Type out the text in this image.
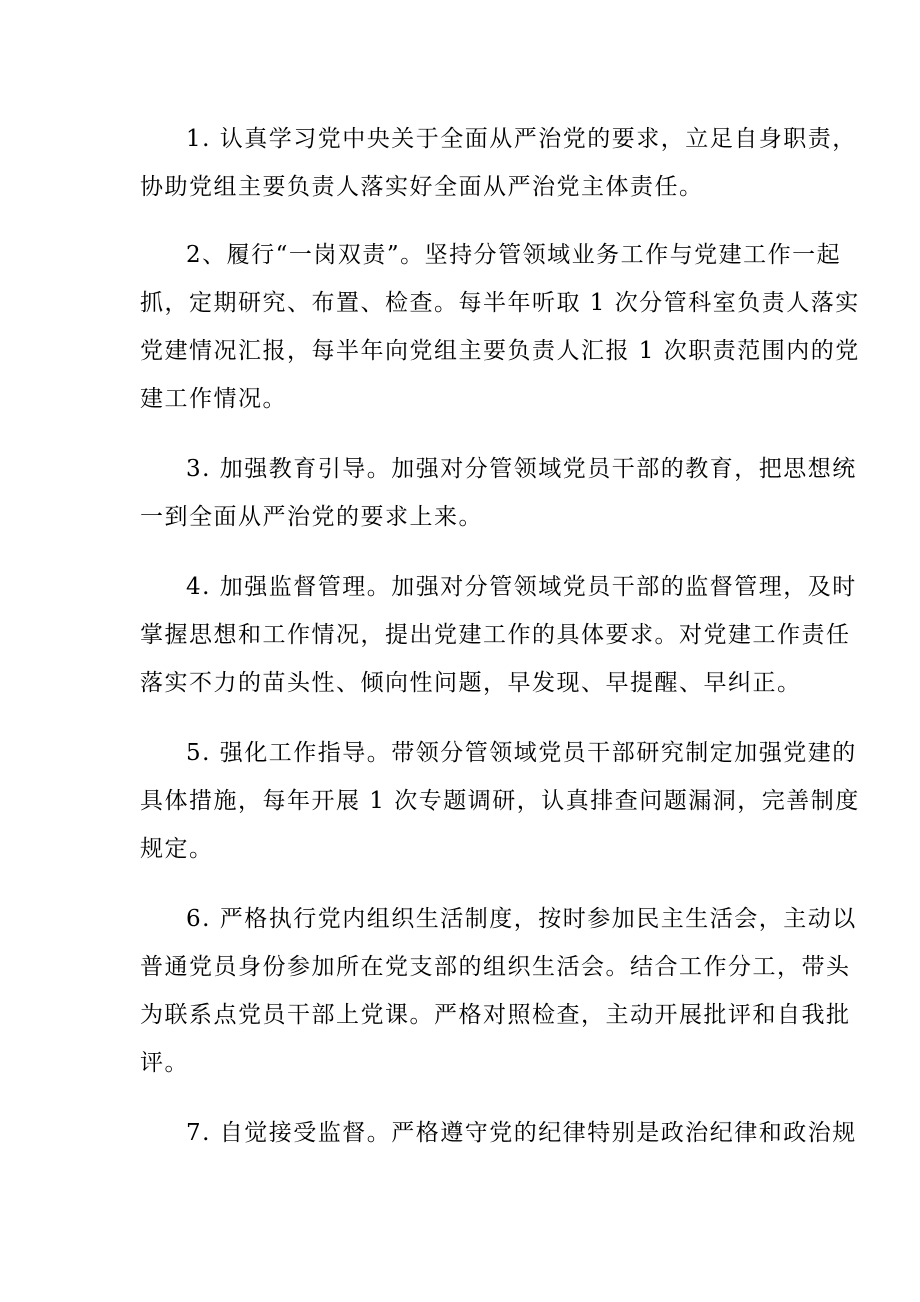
1. 认真学习党中央关于全面从严治党的要求，立足自身职责，
协助党组主要负责人落实好全面从严治党主体责任。
2、履行“一岗双责”。坚持分管领域业务工作与党建工作一起
抓，定期研究、布置、检查。每半年听取 1 次分管科室负责人落实
党建情况汇报，每半年向党组主要负责人汇报 1 次职责范围内的党
建工作情况。
3. 加强教育引导。加强对分管领域党员干部的教育，把思想统
一到全面从严治党的要求上来。
4. 加强监督管理。加强对分管领域党员干部的监督管理，及时
掌握思想和工作情况，提出党建工作的具体要求。对党建工作责任
落实不力的苗头性、倾向性问题，早发现、早提醒、早纠正。
5. 强化工作指导。带领分管领域党员干部研究制定加强党建的
具体措施，每年开展 1 次专题调研，认真排查问题漏洞，完善制度
规定。
6. 严格执行党内组织生活制度，按时参加民主生活会，主动以
普通党员身份参加所在党支部的组织生活会。结合工作分工，带头
为联系点党员干部上党课。严格对照检查，主动开展批评和自我批
评。
7. 自觉接受监督。严格遵守党的纪律特别是政治纪律和政治规
